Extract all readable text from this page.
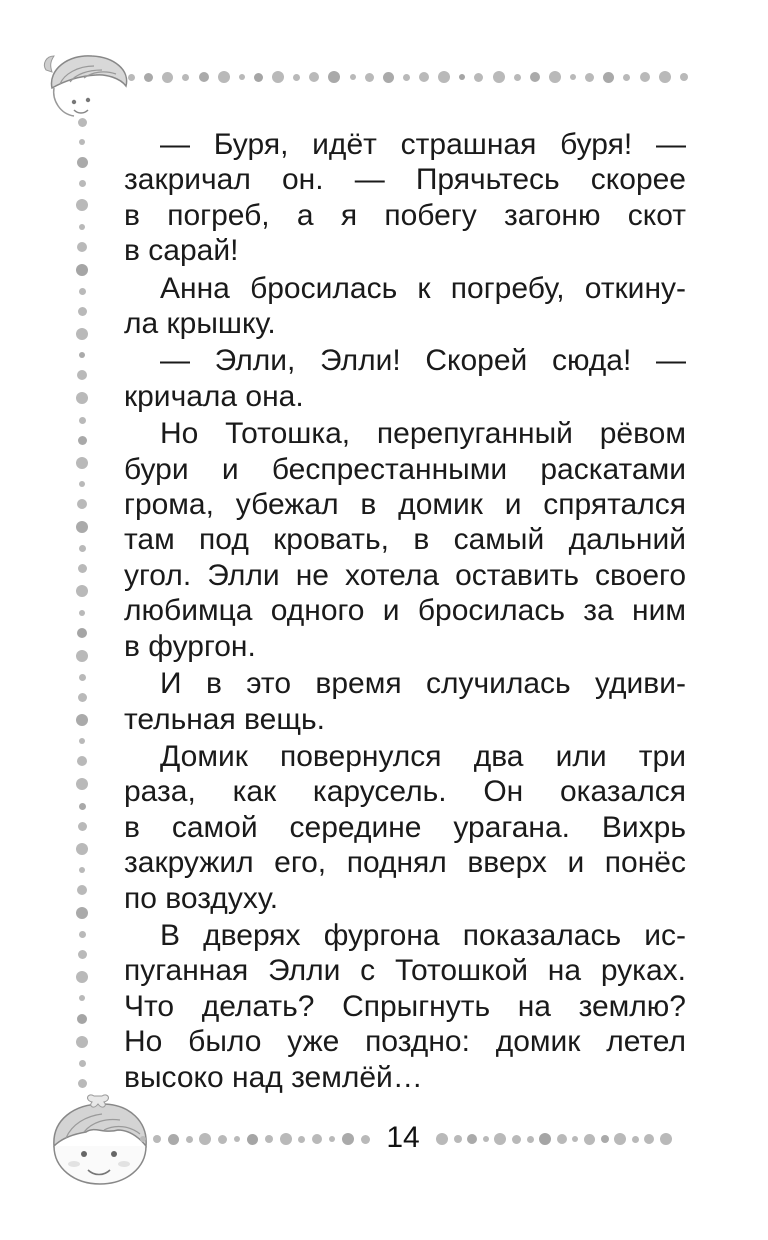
— Буря, идёт страшная буря! —
закричал он. — Прячьтесь скорее
в погреб, а я побегу загоню скот
в сарай!

Анна бросилась к погребу, откину-
ла крышку.

— Элли, Элли! Скорей сюда! —
кричала она.

Но Тотошка, перепуганный рёвом
бури и беспрестанными раскатами
грома, убежал в домик и спрятался
там под кровать, в самый дальний
угол. Элли не хотела оставить своего
любимца одного и бросилась за ним
в фургон.

И в это время случилась удиви-
тельная вещь.

Домик повернулся два или три
раза, как карусель. Он оказался
в самой середине урагана. Вихрь
закружил его, поднял вверх и понёс
по воздуху.

В дверях фургона показалась ис-
пуганная Элли с Тотошкой на руках.
Что делать? Спрыгнуть на землю?
Но было уже поздно: домик летел
высоко над землёй…

14
